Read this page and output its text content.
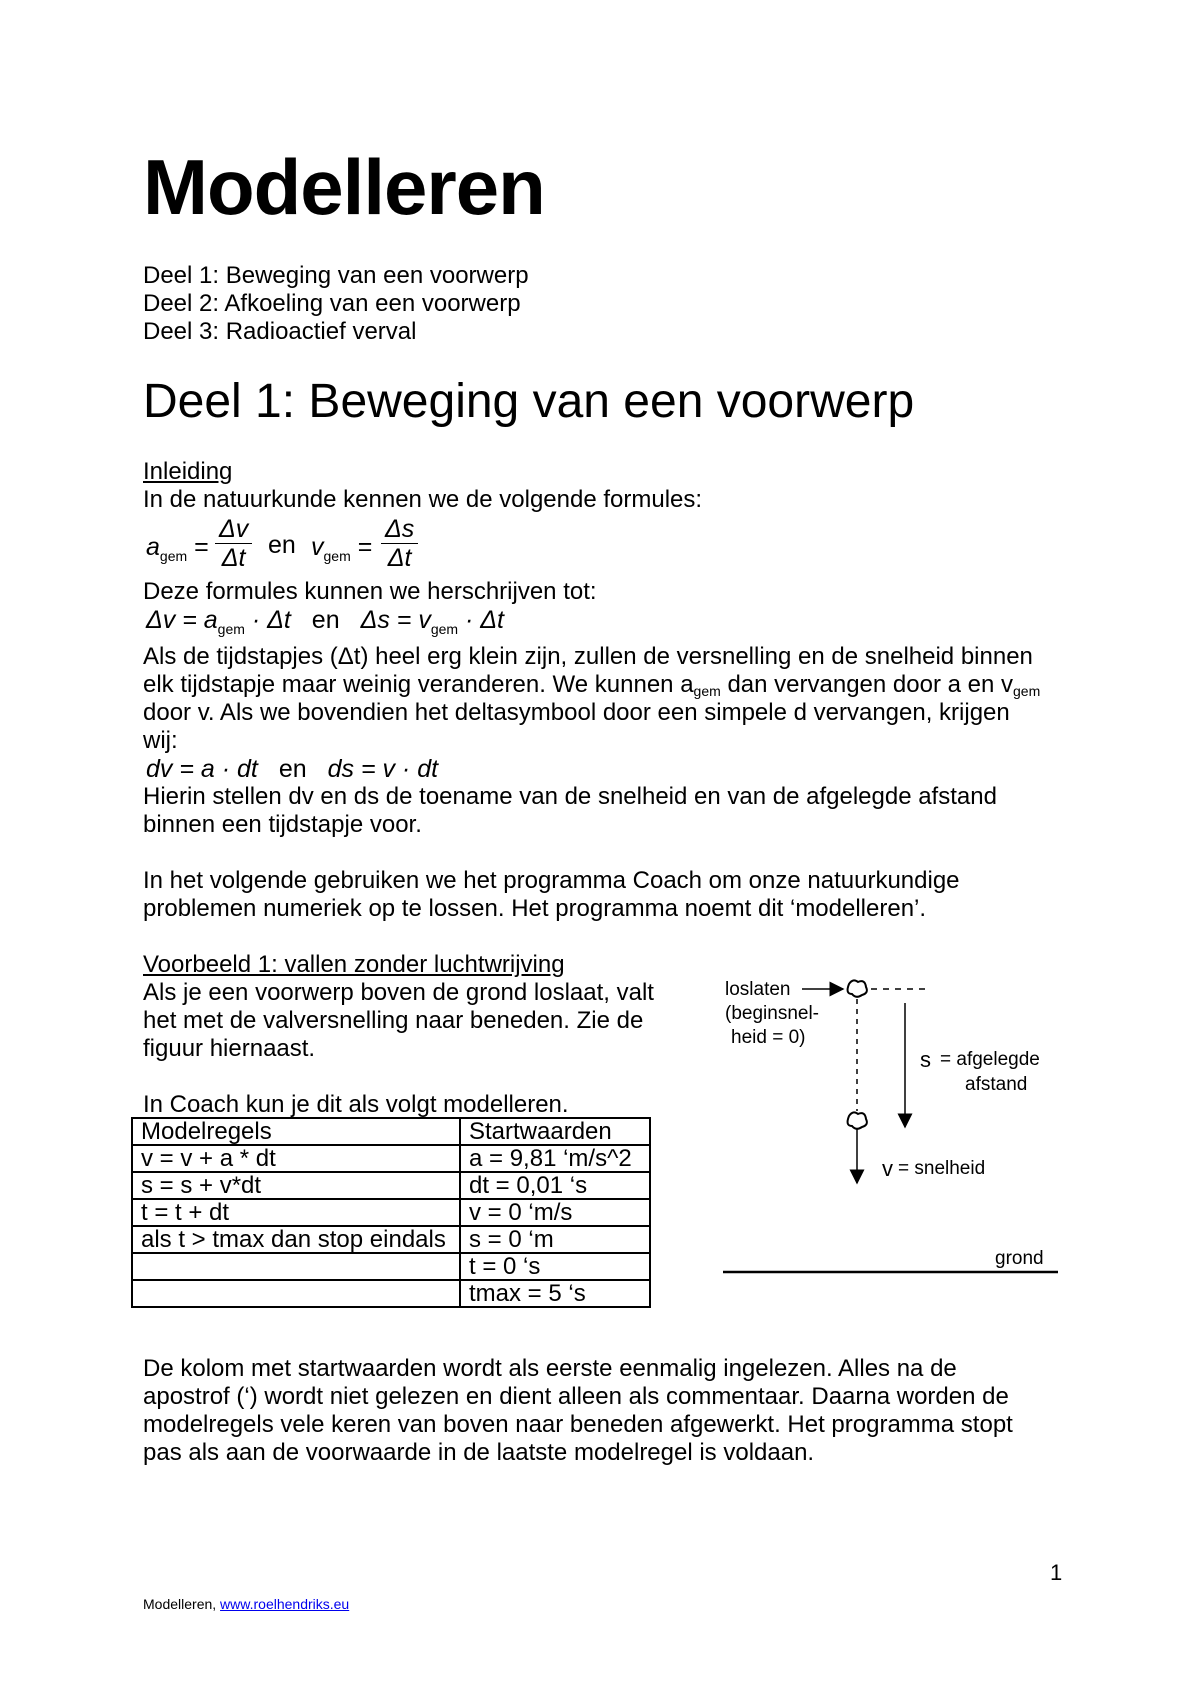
Modelleren
Deel 1: Beweging van een voorwerp
Deel 2: Afkoeling van een voorwerp
Deel 3: Radioactief verval
Deel 1: Beweging van een voorwerp
Inleiding
In de natuurkunde kennen we de volgende formules:
$a_{gem}$ =
Δv
Δt en $v_{gem}$ =
Δs
Δt
Deze formules kunnen we herschrijven tot:
$\Delta v = a_{gem} \cdot \Delta t$ en $\Delta s = v_{gem} \cdot \Delta t$
Als de tijdstapjes (Δt) heel erg klein zijn, zullen de versnelling en de snelheid binnen
elk tijdstapje maar weinig veranderen. We kunnen $a_{gem}$ dan vervangen door a en $v_{gem}$
door v. Als we bovendien het deltasymbool door een simpele d vervangen, krijgen
wij:
dv = a · dt en ds = v · dt
Hierin stellen dv en ds de toename van de snelheid en van de afgelegde afstand
binnen een tijdstapje voor.
In het volgende gebruiken we het programma Coach om onze natuurkundige
problemen numeriek op te lossen. Het programma noemt dit ‘modelleren’.
Voorbeeld 1: vallen zonder luchtwrijving
Als je een voorwerp boven de grond loslaat, valt
het met de valversnelling naar beneden. Zie de
figuur hiernaast.
In Coach kun je dit als volgt modelleren.
Modelregels	Startwaarden
v = v + a * dt	a = 9,81 ‘m/s^2
s = s + v*dt	dt = 0,01 ‘s
t = t + dt	v = 0 ‘m/s
als t > tmax dan stop eindals	s = 0 ‘m
	t = 0 ‘s
	tmax = 5 ‘s
loslaten
(beginsnel-
heid = 0)
s = afgelegde
afstand
v = snelheid
grond
De kolom met startwaarden wordt als eerste eenmalig ingelezen. Alles na de
apostrof (‘) wordt niet gelezen en dient alleen als commentaar. Daarna worden de
modelregels vele keren van boven naar beneden afgewerkt. Het programma stopt
pas als aan de voorwaarde in de laatste modelregel is voldaan.
1
Modelleren, www.roelhendriks.eu
